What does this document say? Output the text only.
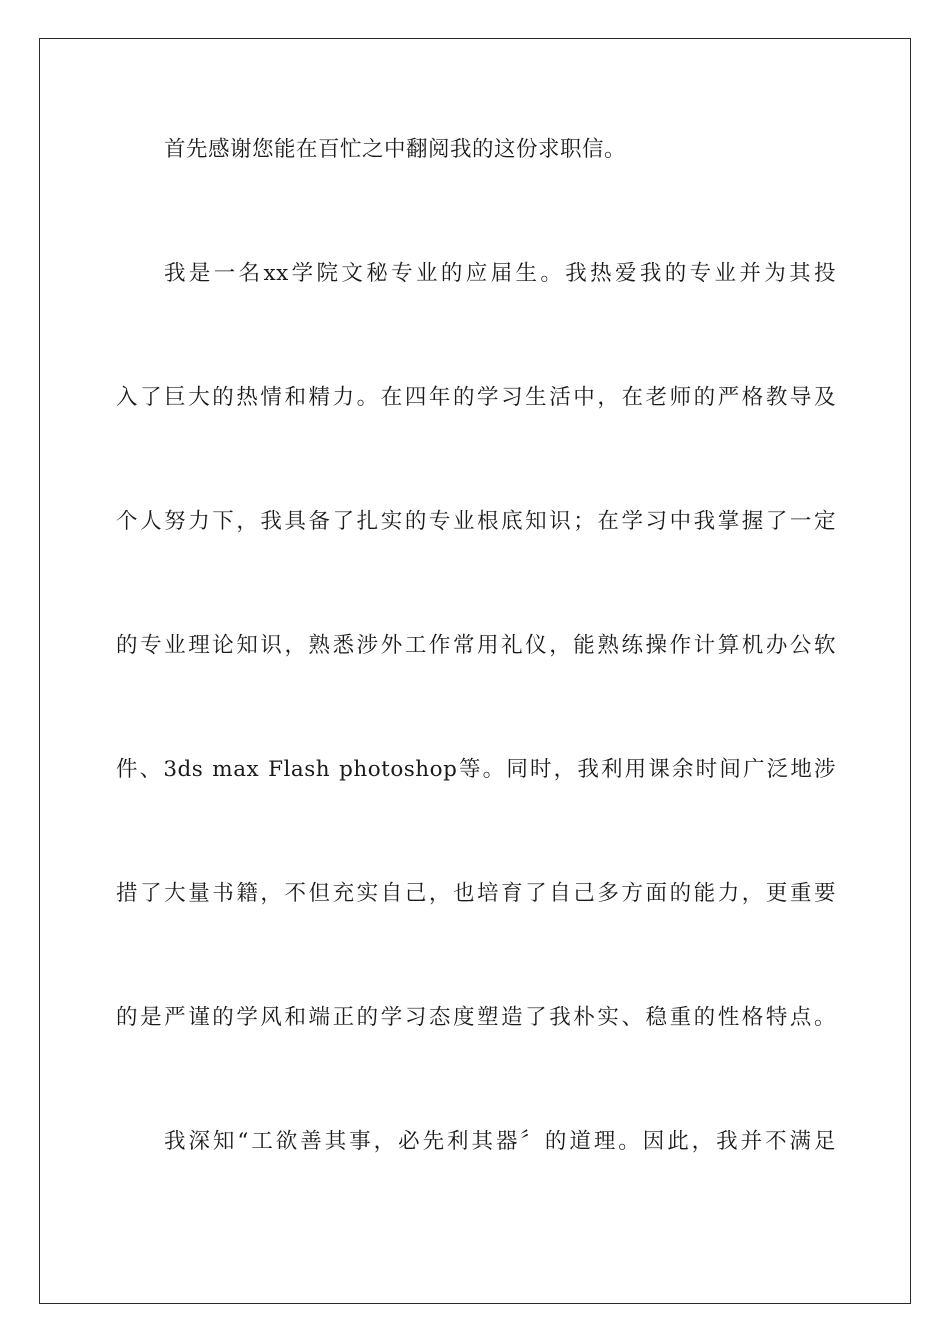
首先感谢您能在百忙之中翻阅我的这份求职信。
我是一名xx学院文秘专业的应届生。我热爱我的专业并为其投
入了巨大的热情和精力。在四年的学习生活中，在老师的严格教导及
个人努力下，我具备了扎实的专业根底知识；在学习中我掌握了一定
的专业理论知识，熟悉涉外工作常用礼仪，能熟练操作计算机办公软
件、3ds max Flash photoshop等。同时，我利用课余时间广泛地涉
措了大量书籍，不但充实自己，也培育了自己多方面的能力，更重要
的是严谨的学风和端正的学习态度塑造了我朴实、稳重的性格特点。
我深知“工欲善其事，必先利其器〞的道理。因此，我并不满足
